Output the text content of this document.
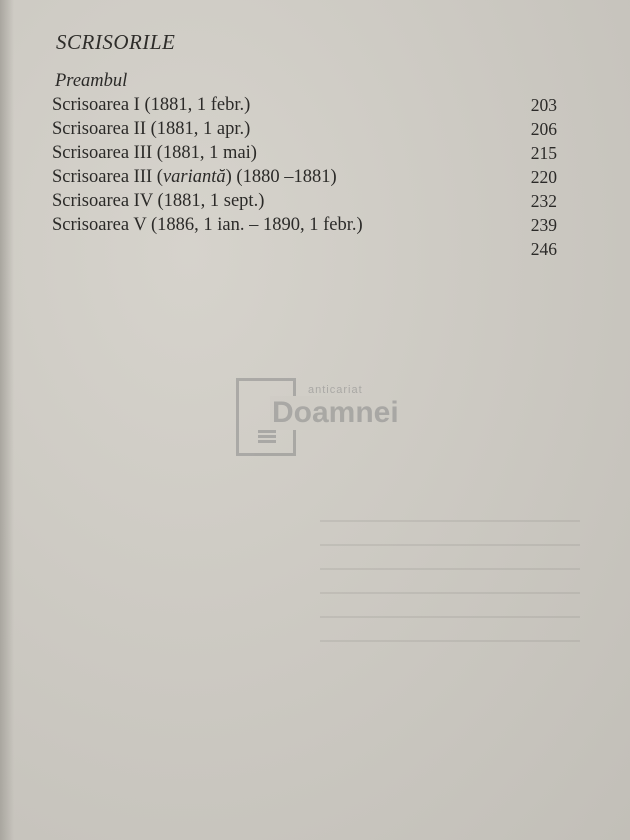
SCRISORILE
Preambul
Scrisoarea I (1881, 1 febr.)	203
Scrisoarea II (1881, 1 apr.)	206
Scrisoarea III (1881, 1 mai)	215
Scrisoarea III (variantă) (1880 –1881)	220
Scrisoarea IV (1881, 1 sept.)	232
Scrisoarea V (1886, 1 ian. – 1890, 1 febr.)	239
246
anticariat
Doamnei
